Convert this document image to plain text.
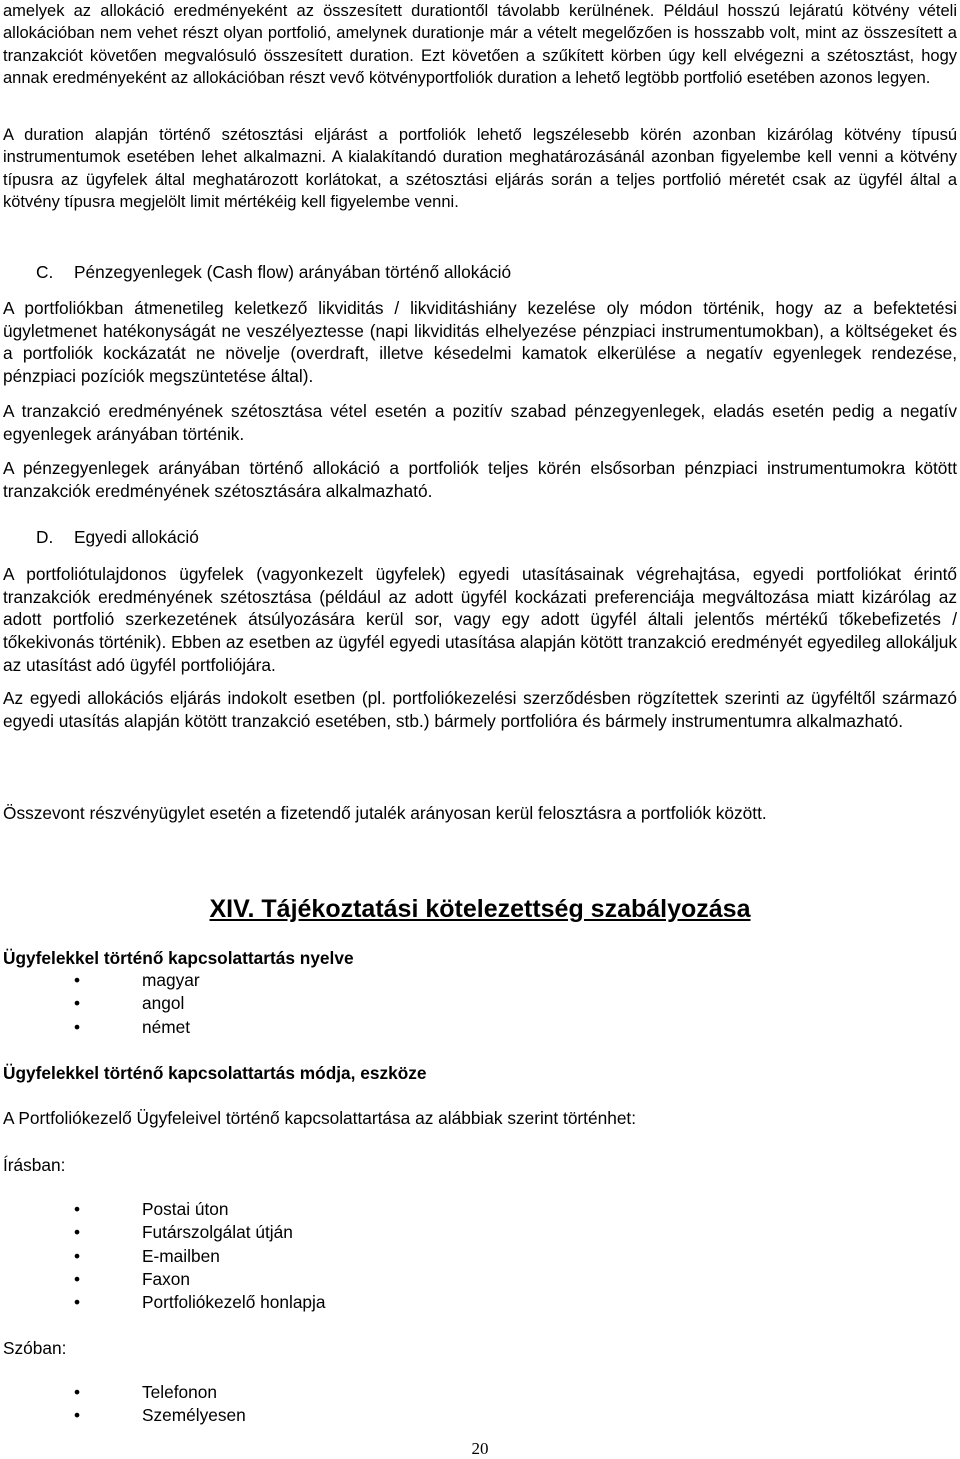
amelyek az allokáció eredményeként az összesített durationtől távolabb kerülnének. Például hosszú lejáratú kötvény vételi allokációban nem vehet részt olyan portfolió, amelynek durationje már a vételt megelőzően is hosszabb volt, mint az összesített a tranzakciót követően megvalósuló összesített duration. Ezt követően a szűkített körben úgy kell elvégezni a szétosztást, hogy annak eredményeként az allokációban részt vevő kötvényportfoliók duration a lehető legtöbb portfolió esetében azonos legyen.

A duration alapján történő szétosztási eljárást a portfoliók lehető legszélesebb körén azonban kizárólag kötvény típusú instrumentumok esetében lehet alkalmazni. A kialakítandó duration meghatározásánál azonban figyelembe kell venni a kötvény típusra az ügyfelek által meghatározott korlátokat, a szétosztási eljárás során a teljes portfolió méretét csak az ügyfél által a kötvény típusra megjelölt limit mértékéig kell figyelembe venni.

C. Pénzegyenlegek (Cash flow) arányában történő allokáció

A portfoliókban átmenetileg keletkező likviditás / likviditáshiány kezelése oly módon történik, hogy az a befektetési ügyletmenet hatékonyságát ne veszélyeztesse (napi likviditás elhelyezése pénzpiaci instrumentumokban), a költségeket és a portfoliók kockázatát ne növelje (overdraft, illetve késedelmi kamatok elkerülése a negatív egyenlegek rendezése, pénzpiaci pozíciók megszüntetése által).

A tranzakció eredményének szétosztása vétel esetén a pozitív szabad pénzegyenlegek, eladás esetén pedig a negatív egyenlegek arányában történik.

A pénzegyenlegek arányában történő allokáció a portfoliók teljes körén elsősorban pénzpiaci instrumentumokra kötött tranzakciók eredményének szétosztására alkalmazható.

D. Egyedi allokáció

A portfoliótulajdonos ügyfelek (vagyonkezelt ügyfelek) egyedi utasításainak végrehajtása, egyedi portfoliókat érintő tranzakciók eredményének szétosztása (például az adott ügyfél kockázati preferenciája megváltozása miatt kizárólag az adott portfolió szerkezetének átsúlyozására kerül sor, vagy egy adott ügyfél általi jelentős mértékű tőkebefizetés / tőkekivonás történik). Ebben az esetben az ügyfél egyedi utasítása alapján kötött tranzakció eredményét egyedileg allokáljuk az utasítást adó ügyfél portfoliójára.

Az egyedi allokációs eljárás indokolt esetben (pl. portfoliókezelési szerződésben rögzítettek szerinti az ügyféltől származó egyedi utasítás alapján kötött tranzakció esetében, stb.) bármely portfolióra és bármely instrumentumra alkalmazható.

Összevont részvényügylet esetén a fizetendő jutalék arányosan kerül felosztásra a portfoliók között.

XIV. Tájékoztatási kötelezettség szabályozása

Ügyfelekkel történő kapcsolattartás nyelve

•	magyar
•	angol
•	német

Ügyfelekkel történő kapcsolattartás módja, eszköze

A Portfoliókezelő Ügyfeleivel történő kapcsolattartása az alábbiak szerint történhet:

Írásban:

•	Postai úton
•	Futárszolgálat útján
•	E-mailben
•	Faxon
•	Portfoliókezelő honlapja

Szóban:

•	Telefonon
•	Személyesen
20
